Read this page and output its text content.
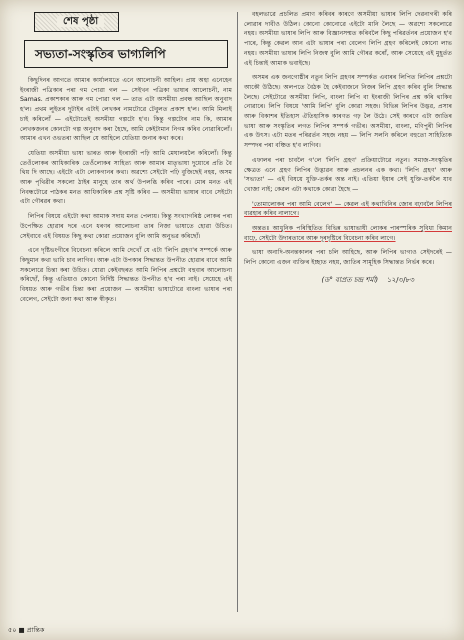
শেষ পৃষ্ঠা
সভ্যতা-সংস্কৃতিৰ ভাগ্যলিপি

কিছুদিনৰ আগতে আমাৰ কাৰ্যালয়তে এনে আলোচনী আহিল। প্ৰায় অহা এনেহেন ইংৰাজী পত্ৰিকাৰ পৰা গম পোৱা গল — সেইখন পত্ৰিকা ভাষাৰ আলোচনী, নাম Samas. প্ৰকাশকাৰ আৰু গম পোৱা গল — তাত এটা অসমীয়া প্ৰবন্ধ আছিল অনুবাদ হ'ল। প্ৰথম লুইতৰ দুটাইৰ এটাই লেখকৰ নামটোৱে টেবুলত প্ৰকাশ হ'ল। আমি মিলাই চাই কৰিলোঁ — এইটোতেই অসমীয়া গল্পটো হ'ব। কিন্তু গল্পটোৰ নাম কি, আমাৰ লেখকজনৰ কোনটো গল্প অনুবাদ কৰা হৈছে, আমি কেইটামান নিগম কৰিব নোৱাৰিলোঁ। আমাৰ এখন ওভতৰা আছিল যে আহিলে যেতিয়া জনাৰ কথা কৰে।

যেতিয়া অসমীয়া ভাষা ভাৰত আৰু ইংৰাজী পঢ়ি আমি মেঘালয়লৈ কৰিলোঁ। কিন্তু তেওঁলোকৰ আধিকাৰিক তেওঁলোকৰ সাহিত্য আৰু আমাৰ মাতৃভাষা দুয়োৰে প্ৰতি বৈ থিয় দি আছে। এইটো এটা লোকগানৰ কথা। অৱশ্যে সেইটো পঢ়ি বুজিছেই নহয়, অসম আৰু পৃথিৱীৰ সকলো ঠাইৰ মানুহে তাৰ অৰ্থ উপলব্ধি কৰিব পাৰে। মোৰ মনত এই নিবন্ধটোৱে পাঠকৰ মনত আধিকাৰিক প্ৰশ্ন সৃষ্টি কৰিব — অসমীয়া ভাষাৰ বাবে সেইটো এটা গৌৰৱৰ কথা।

লিপিৰ বিষয়ে এইটো কথা আমাক সদায় মনত পেলায়। কিন্তু সংখ্যাগৰিষ্ঠ লোকৰ পৰা উপেক্ষিত হোৱাৰ দৰে এনে ধৰণৰ আলোচনা তাৰ নিজা ভাষাতে হোৱা উচিত। সেইবাবে এই বিষয়ত কিছু কথা কোৱা প্ৰয়োজন বুলি আমি অনুভৱ কৰিছোঁ।

এনে দৃষ্টিভংগীৰে বিবেচনা কৰিলে আমি দেখোঁ যে এটা 'লিপি গ্ৰহণ'ৰ সম্পৰ্কে আৰু কিছুমান কথা ভাবি চাব লাগিব। আৰু এটা উপকাৰ সিদ্ধান্তত উপনীত হোৱাৰ বাবে আমি সকলোৱে চিন্তা কৰা উচিত। যোৱা কেইবছৰত আমি লিপিৰ প্ৰশ্নটো বহুবাৰ আলোচনা কৰিছোঁ, কিন্তু এতিয়াও কোনো নিৰ্দিষ্ট সিদ্ধান্তত উপনীত হ'ব পৰা নাই। সেয়েহে এই বিষয়ত আৰু গভীৰ চিন্তা কৰা প্ৰয়োজন — অসমীয়া ভাষাটোৱে বাংলা ভাষাৰ পৰা বেলেগ, সেইটো জনা কথা আৰু স্বীকৃত।

বহলভাৱে প্ৰচলিত প্ৰমাণ কৰিবৰ কাৰণে অসমীয়া ভাষাৰ লিপি দেৱনাগৰী কৰি লোৱাৰ দাবীও উঠিল। কোনো কোনোৱে এইটো মানি লৈছে — অৱশ্যে সকলোৱে নহয়। অসমীয়া ভাষাৰ লিপি আৰু বিজ্ঞানসন্মত কৰিবলৈ কিছু পৰিৱৰ্তনৰ প্ৰয়োজন হ'ব পাৰে, কিন্তু কেৱল আন এটা ভাষাৰ পৰা বেলেগ লিপি গ্ৰহণ কৰিলেই কোনো লাভ নহয়। অসমীয়া ভাষাৰ লিপি নিজস্ব বুলি আমি গৌৰৱ কৰোঁ, আৰু সেয়েহে এই মুহূৰ্তত এই চিন্তাই আমাক ভবাইছে।

অসমৰ এক জনগোষ্ঠীৰ নতুন লিপি গ্ৰহণৰ সম্পৰ্কত এবাৰৰ লিপিত লিপিৰ প্ৰশ্নটো আকৌ উঠিছে। অলপতে বৈঠক হৈ কেইবাজনে নিজৰ লিপি গ্ৰহণ কৰিব বুলি সিদ্ধান্ত লৈছে। সেইটোৱে অসমীয়া লিপি, বাংলা লিপি বা ইংৰাজী লিপিৰ প্ৰশ্ন কৰি থাকিব নোৱাৰে। লিপি বিষয়ে 'আমি লিপি' বুলি কোৱা সহজ। বিভিন্ন লিপিৰ উদ্ভৱ, প্ৰসাৰ আৰু বিকাশৰ ইতিহাস ঐতিহাসিক কাৰণত গঢ় লৈ উঠে। সেই কাৰণে এটা জাতিৰ ভাষা আৰু সংস্কৃতিৰ লগত লিপিৰ সম্পৰ্ক গভীৰ। অসমীয়া, বাংলা, মণিপুৰী লিপিৰ এক উৎস। এটা মতৰ পৰিৱৰ্তন সহজ নহয় — লিপি সলনি কৰিলে বহুতো সাহিত্যিক সম্পদৰ পৰা বঞ্চিত হ'ব লাগিব।

এফালৰ পৰা চাবলৈ গ'লে 'লিপি গ্ৰহণ' প্ৰক্ৰিয়াটোৱে নতুন। সমাজ-সংস্কৃতিৰ ক্ষেত্ৰত এনে গ্ৰহণ লিপিৰ উদ্ভাৱন আৰু প্ৰচলনৰ এক কথা। 'লিপি গ্ৰহণ' আৰু 'সভ্যতা' — এই বিষয়ে যুক্তি-তৰ্কৰ অন্ত নাই। এতিয়া ইয়াৰ সেই যুক্তি-তৰ্কলৈ যাব খোজা নাই; কেৱল এটা কথাকে কোৱা হৈছে —

'তোমালোকৰ পৰা আমি বেলেগ' — কেৱল এই কথাখিনিৰ জোৰ বঢ়াবলৈ লিপিৰ ব্যৱহাৰ কৰিব নালাগে।

অন্ততঃ আধুনিক পৰিস্থিতিত বিভিন্ন ভাষাভাষী লোকৰ পাৰস্পৰিক সুবিধা কিমান বাঢ়ে, সেইটো উদাৰতাৰে আৰু দূৰদৃষ্টিৰে বিবেচনা কৰিব লাগে।

ভাষা অনাদি-অনন্তকালৰ পৰা চলি আহিছে, আৰু লিপিৰ ভাগ্যও সেইদৰেই — লিপি কোনো এজন ব্যক্তিৰ ইচ্ছাত নহয়, জাতিৰ সামূহিক সিদ্ধান্তত নিৰ্ভৰ কৰে।

(ড° বাপ্ৰত চন্দ্ৰ শৰ্মা) ১২/৩/৮৩
৫০ ■ প্ৰান্তিক
